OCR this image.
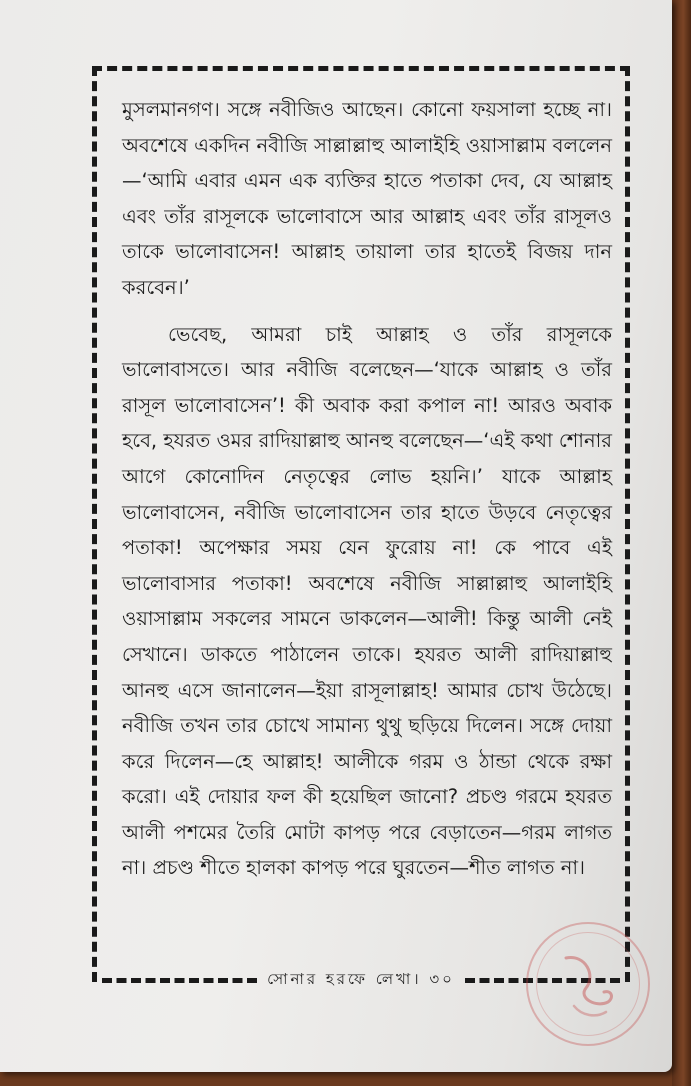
মুসলমানগণ। সঙ্গে নবীজিও আছেন। কোনো ফয়সালা হচ্ছে না। অবশেষে একদিন নবীজি সাল্লাল্লাহু আলাইহি ওয়াসাল্লাম বললেন—‘আমি এবার এমন এক ব্যক্তির হাতে পতাকা দেব, যে আল্লাহ এবং তাঁর রাসূলকে ভালোবাসে আর আল্লাহ এবং তাঁর রাসূলও তাকে ভালোবাসেন! আল্লাহ তায়ালা তার হাতেই বিজয় দান করবেন।’

ভেবেছ, আমরা চাই আল্লাহ ও তাঁর রাসূলকে ভালোবাসতে। আর নবীজি বলেছেন—‘যাকে আল্লাহ ও তাঁর রাসূল ভালোবাসেন’! কী অবাক করা কপাল না! আরও অবাক হবে, হযরত ওমর রাদিয়াল্লাহু আনহু বলেছেন—‘এই কথা শোনার আগে কোনোদিন নেতৃত্বের লোভ হয়নি।’ যাকে আল্লাহ ভালোবাসেন, নবীজি ভালোবাসেন তার হাতে উড়বে নেতৃত্বের পতাকা! অপেক্ষার সময় যেন ফুরোয় না! কে পাবে এই ভালোবাসার পতাকা! অবশেষে নবীজি সাল্লাল্লাহু আলাইহি ওয়াসাল্লাম সকলের সামনে ডাকলেন—আলী! কিন্তু আলী নেই সেখানে। ডাকতে পাঠালেন তাকে। হযরত আলী রাদিয়াল্লাহু আনহু এসে জানালেন—ইয়া রাসূলাল্লাহ! আমার চোখ উঠেছে। নবীজি তখন তার চোখে সামান্য থুথু ছড়িয়ে দিলেন। সঙ্গে দোয়া করে দিলেন—হে আল্লাহ! আলীকে গরম ও ঠান্ডা থেকে রক্ষা করো। এই দোয়ার ফল কী হয়েছিল জানো? প্রচণ্ড গরমে হযরত আলী পশমের তৈরি মোটা কাপড় পরে বেড়াতেন—গরম লাগত না। প্রচণ্ড শীতে হালকা কাপড় পরে ঘুরতেন—শীত লাগত না।

সোনার হরফে লেখা। ৩০
